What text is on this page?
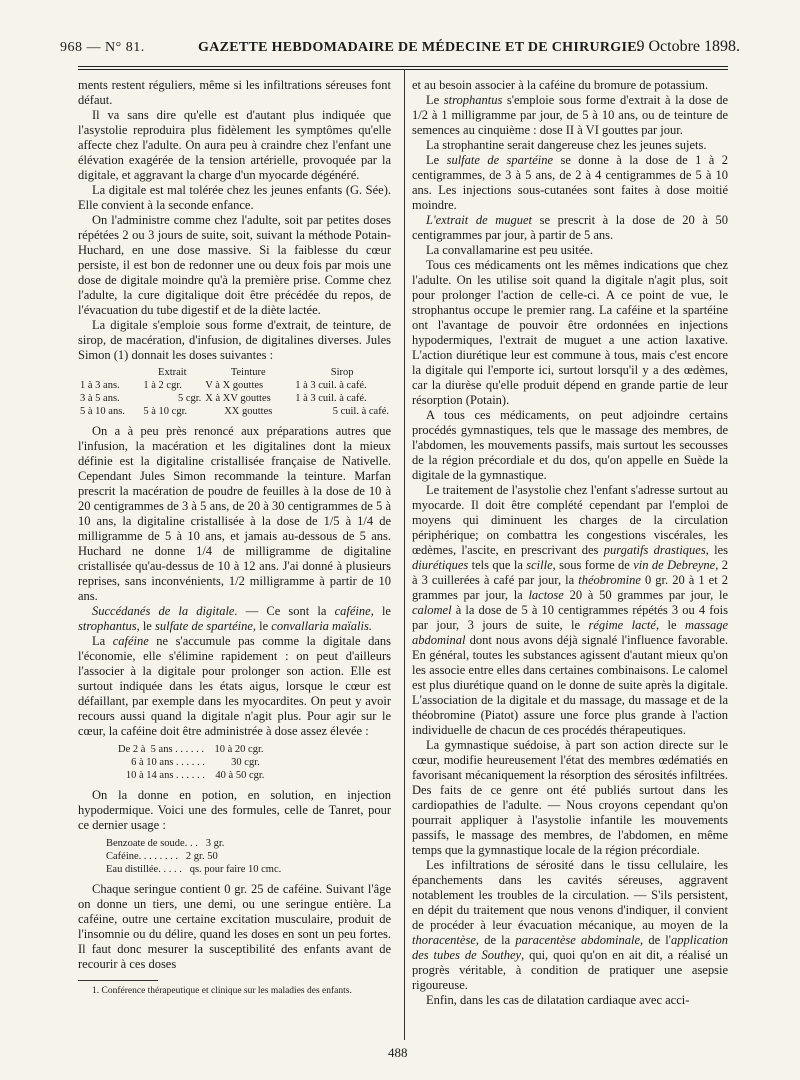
968 — N° 81.	GAZETTE HEBDOMADAIRE DE MÉDECINE ET DE CHIRURGIE.
9 Octobre 1898.

ments restent réguliers, même si les infiltrations séreuses font défaut.

Il va sans dire qu'elle est d'autant plus indiquée que l'asystolie reproduira plus fidèlement les symptômes qu'elle affecte chez l'adulte. On aura peu à craindre chez l'enfant une élévation exagérée de la tension artérielle, provoquée par la digitale, et aggravant la charge d'un myocarde dégénéré.

La digitale est mal tolérée chez les jeunes enfants (G. Sée). Elle convient à la seconde enfance.

On l'administre comme chez l'adulte, soit par petites doses répétées 2 ou 3 jours de suite, soit, suivant la méthode Potain-Huchard, en une dose massive. Si la faiblesse du cœur persiste, il est bon de redonner une ou deux fois par mois une dose de digitale moindre qu'à la première prise. Comme chez l'adulte, la cure digitalique doit être précédée du repos, de l'évacuation du tube digestif et de la diète lactée.

La digitale s'emploie sous forme d'extrait, de teinture, de sirop, de macération, d'infusion, de digitalines diverses. Jules Simon (1) donnait les doses suivantes :

	Extrait	Teinture	Sirop
1 à 3 ans.	1 à 2 cgr.	V à X gouttes	1 à 3 cuil. à café.
3 à 5 ans.	5 cgr.	X à XV gouttes	1 à 3 cuil. à café.
5 à 10 ans.	5 à 10 cgr.	XX gouttes	5 cuil. à café.

On a à peu près renoncé aux préparations autres que l'infusion, la macération et les digitalines dont la mieux définie est la digitaline cristallisée française de Nativelle. Cependant Jules Simon recommande la teinture. Marfan prescrit la macération de poudre de feuilles à la dose de 10 à 20 centigrammes de 3 à 5 ans, de 20 à 30 centigrammes de 5 à 10 ans, la digitaline cristallisée à la dose de 1/5 à 1/4 de milligramme de 5 à 10 ans, et jamais au-dessous de 5 ans. Huchard ne donne 1/4 de milligramme de digitaline cristallisée qu'au-dessus de 10 à 12 ans. J'ai donné à plusieurs reprises, sans inconvénients, 1/2 milligramme à partir de 10 ans.

Succédanés de la digitale. — Ce sont la caféine, le strophantus, le sulfate de spartéine, le convallaria maïalis.

La caféine ne s'accumule pas comme la digitale dans l'économie, elle s'élimine rapidement : on peut d'ailleurs l'associer à la digitale pour prolonger son action. Elle est surtout indiquée dans les états aigus, lorsque le cœur est défaillant, par exemple dans les myocardites. On peut y avoir recours aussi quand la digitale n'agit plus. Pour agir sur le cœur, la caféine doit être administrée à dose assez élevée :

De 2 à  5 ans . . . . . .    10 à 20 cgr.
6 à 10 ans . . . . . .          30 cgr.
10 à 14 ans . . . . . .    40 à 50 cgr.

On la donne en potion, en solution, en injection hypodermique. Voici une des formules, celle de Tanret, pour ce dernier usage :

Benzoate de soude. . .   3 gr.
Caféine. . . . . . . .   2 gr. 50
Eau distillée. . . . .   qs. pour faire 10 cmc.

Chaque seringue contient 0 gr. 25 de caféine. Suivant l'âge on donne un tiers, une demi, ou une seringue entière. La caféine, outre une certaine excitation musculaire, produit de l'insomnie ou du délire, quand les doses en sont un peu fortes. Il faut donc mesurer la susceptibilité des enfants avant de recourir à ces doses

1. Conférence thérapeutique et clinique sur les maladies des enfants.

et au besoin associer à la caféine du bromure de potassium.

Le strophantus s'emploie sous forme d'extrait à la dose de 1/2 à 1 milligramme par jour, de 5 à 10 ans, ou de teinture de semences au cinquième : dose II à VI gouttes par jour.

La strophantine serait dangereuse chez les jeunes sujets.

Le sulfate de spartéine se donne à la dose de 1 à 2 centigrammes, de 3 à 5 ans, de 2 à 4 centigrammes de 5 à 10 ans. Les injections sous-cutanées sont faites à dose moitié moindre.

L'extrait de muguet se prescrit à la dose de 20 à 50 centigrammes par jour, à partir de 5 ans.

La convallamarine est peu usitée.

Tous ces médicaments ont les mêmes indications que chez l'adulte. On les utilise soit quand la digitale n'agit plus, soit pour prolonger l'action de celle-ci. A ce point de vue, le strophantus occupe le premier rang. La caféine et la spartéine ont l'avantage de pouvoir être ordonnées en injections hypodermiques, l'extrait de muguet a une action laxative. L'action diurétique leur est commune à tous, mais c'est encore la digitale qui l'emporte ici, surtout lorsqu'il y a des œdèmes, car la diurèse qu'elle produit dépend en grande partie de leur résorption (Potain).

A tous ces médicaments, on peut adjoindre certains procédés gymnastiques, tels que le massage des membres, de l'abdomen, les mouvements passifs, mais surtout les secousses de la région précordiale et du dos, qu'on appelle en Suède la digitale de la gymnastique.

Le traitement de l'asystolie chez l'enfant s'adresse surtout au myocarde. Il doit être complété cependant par l'emploi de moyens qui diminuent les charges de la circulation périphérique; on combattra les congestions viscérales, les œdèmes, l'ascite, en prescrivant des purgatifs drastiques, les diurétiques tels que la scille, sous forme de vin de Debreyne, 2 à 3 cuillerées à café par jour, la théobromine 0 gr. 20 à 1 et 2 grammes par jour, la lactose 20 à 50 grammes par jour, le calomel à la dose de 5 à 10 centigrammes répétés 3 ou 4 fois par jour, 3 jours de suite, le régime lacté, le massage abdominal dont nous avons déjà signalé l'influence favorable. En général, toutes les substances agissent d'autant mieux qu'on les associe entre elles dans certaines combinaisons. Le calomel est plus diurétique quand on le donne de suite après la digitale. L'association de la digitale et du massage, du massage et de la théobromine (Piatot) assure une force plus grande à l'action individuelle de chacun de ces procédés thérapeutiques.

La gymnastique suédoise, à part son action directe sur le cœur, modifie heureusement l'état des membres œdématiés en favorisant mécaniquement la résorption des sérosités infiltrées. Des faits de ce genre ont été publiés surtout dans les cardiopathies de l'adulte. — Nous croyons cependant qu'on pourrait appliquer à l'asystolie infantile les mouvements passifs, le massage des membres, de l'abdomen, en même temps que la gymnastique locale de la région précordiale.

Les infiltrations de sérosité dans le tissu cellulaire, les épanchements dans les cavités séreuses, aggravent notablement les troubles de la circulation. — S'ils persistent, en dépit du traitement que nous venons d'indiquer, il convient de procéder à leur évacuation mécanique, au moyen de la thoracentèse, de la paracentèse abdominale, de l'application des tubes de Southey, qui, quoi qu'on en ait dit, a réalisé un progrès véritable, à condition de pratiquer une asepsie rigoureuse.

Enfin, dans les cas de dilatation cardiaque avec acci-

488
